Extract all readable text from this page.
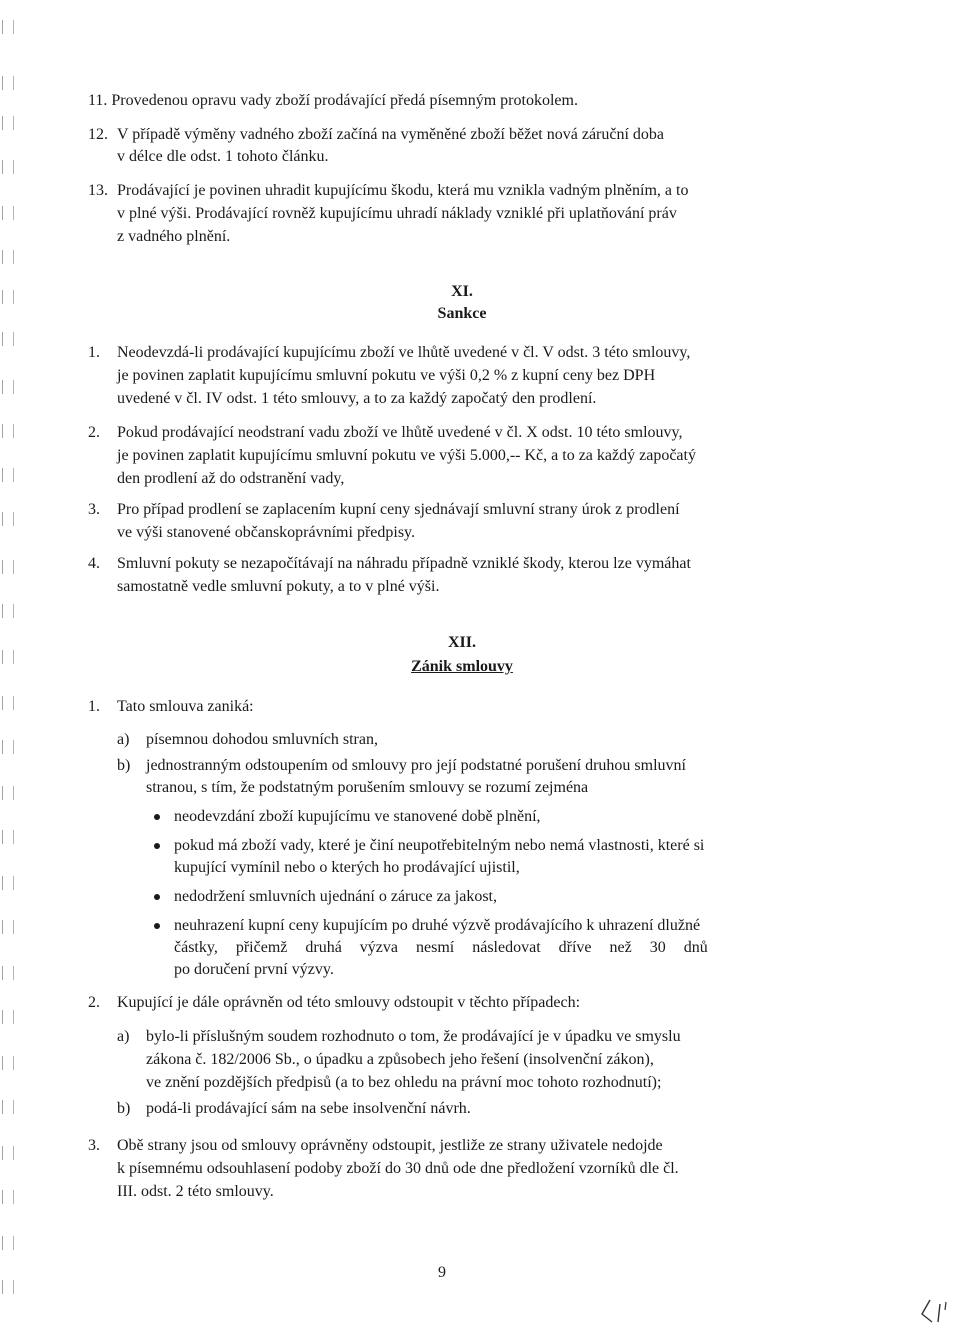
11. Provedenou opravu vady zboží prodávající předá písemným protokolem.

12. V případě výměny vadného zboží začíná na vyměněné zboží běžet nová záruční doba

v délce dle odst. 1 tohoto článku.

13. Prodávající je povinen uhradit kupujícímu škodu, která mu vznikla vadným plněním, a to

v plné výši. Prodávající rovněž kupujícímu uhradí náklady vzniklé při uplatňování práv

z vadného plnění.

XI.

Sankce

1. Neodevzdá-li prodávající kupujícímu zboží ve lhůtě uvedené v čl. V odst. 3 této smlouvy,

je povinen zaplatit kupujícímu smluvní pokutu ve výši 0,2 % z kupní ceny bez DPH

uvedené v čl. IV odst. 1 této smlouvy, a to za každý započatý den prodlení.

2. Pokud prodávající neodstraní vadu zboží ve lhůtě uvedené v čl. X odst. 10 této smlouvy,

je povinen zaplatit kupujícímu smluvní pokutu ve výši 5.000,-- Kč, a to za každý započatý

den prodlení až do odstranění vady,

3. Pro případ prodlení se zaplacením kupní ceny sjednávají smluvní strany úrok z prodlení

ve výši stanovené občanskoprávními předpisy.

4. Smluvní pokuty se nezapočítávají na náhradu případně vzniklé škody, kterou lze vymáhat

samostatně vedle smluvní pokuty, a to v plné výši.

XII.

Zánik smlouvy

1. Tato smlouva zaniká:

a) písemnou dohodou smluvních stran,

b) jednostranným odstoupením od smlouvy pro její podstatné porušení druhou smluvní

stranou, s tím, že podstatným porušením smlouvy se rozumí zejména

neodevzdání zboží kupujícímu ve stanovené době plnění,

pokud má zboží vady, které je činí neupotřebitelným nebo nemá vlastnosti, které si

kupující vymínil nebo o kterých ho prodávající ujistil,

nedodržení smluvních ujednání o záruce za jakost,

neuhrazení kupní ceny kupujícím po druhé výzvě prodávajícího k uhrazení dlužné

částky, přičemž druhá výzva nesmí následovat dříve než 30 dnů

po doručení první výzvy.

2. Kupující je dále oprávněn od této smlouvy odstoupit v těchto případech:

a) bylo-li příslušným soudem rozhodnuto o tom, že prodávající je v úpadku ve smyslu

zákona č. 182/2006 Sb., o úpadku a způsobech jeho řešení (insolvenční zákon),

ve znění pozdějších předpisů (a to bez ohledu na právní moc tohoto rozhodnutí);

b) podá-li prodávající sám na sebe insolvenční návrh.

3. Obě strany jsou od smlouvy oprávněny odstoupit, jestliže ze strany uživatele nedojde

k písemnému odsouhlasení podoby zboží do 30 dnů ode dne předložení vzorníků dle čl.

III. odst. 2 této smlouvy.

9
